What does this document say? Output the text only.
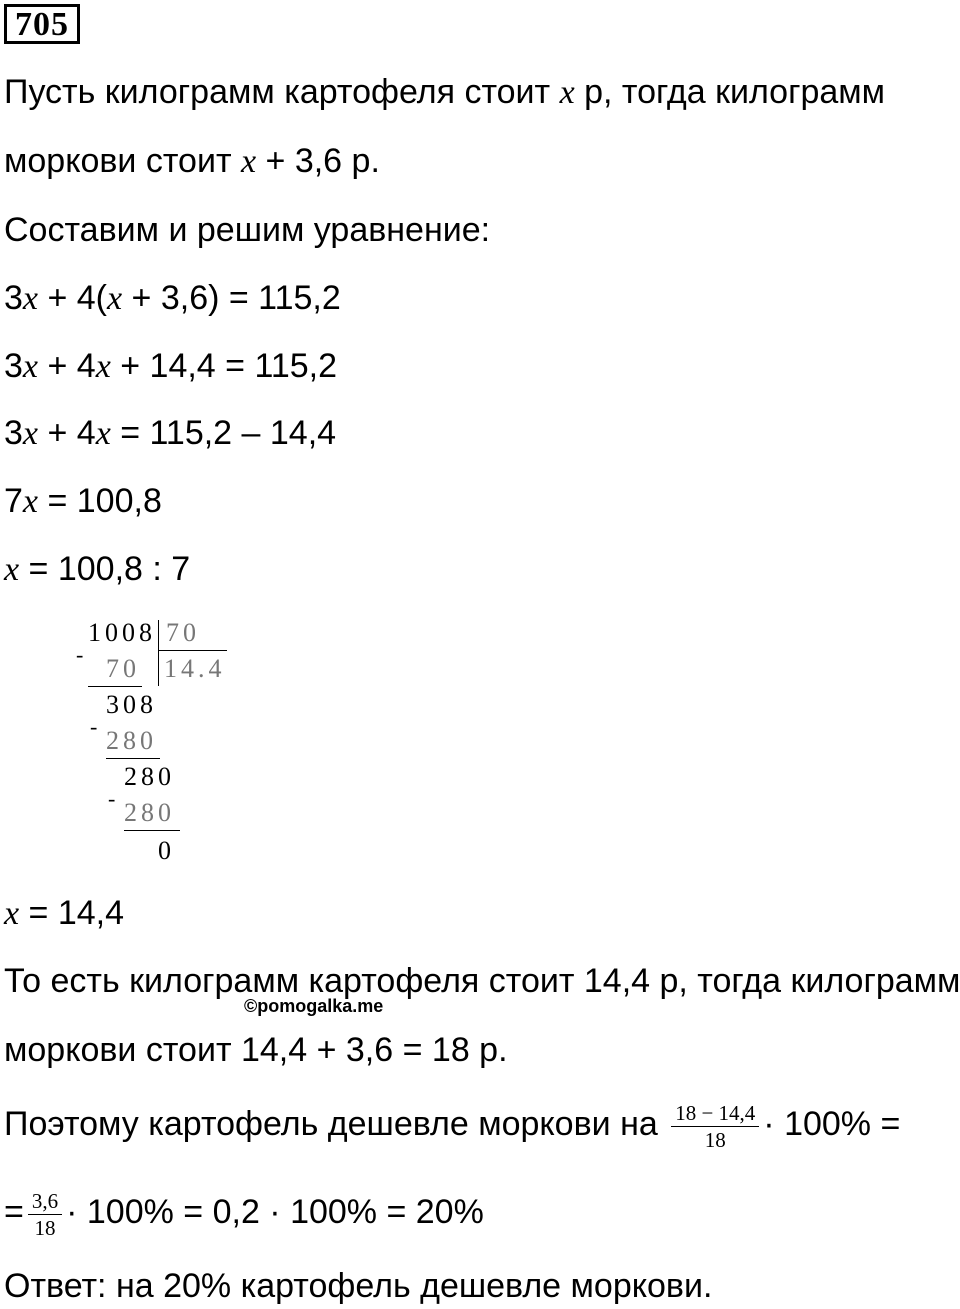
705
Пусть килограмм картофеля стоит x р, тогда килограмм
моркови стоит x + 3,6 р.
Составим и решим уравнение:
3x + 4(x + 3,6) = 115,2
3x + 4x + 14,4 = 115,2
3x + 4x = 115,2 – 14,4
7x = 100,8
x = 100,8 : 7
1008 70
14.4
- 70
308
- 280
280
- 280
0
x = 14,4
То есть килограмм картофеля стоит 14,4 р, тогда килограмм
©pomogalka.me
моркови стоит 14,4 + 3,6 = 18 р.
Поэтому картофель дешевле моркови на $\frac{18 - 14,4}{18} \cdot 100\%$ =
= $\frac{3,6}{18} \cdot 100\% = 0,2 \cdot 100\% = 20\%$
Ответ: на 20% картофель дешевле моркови.
